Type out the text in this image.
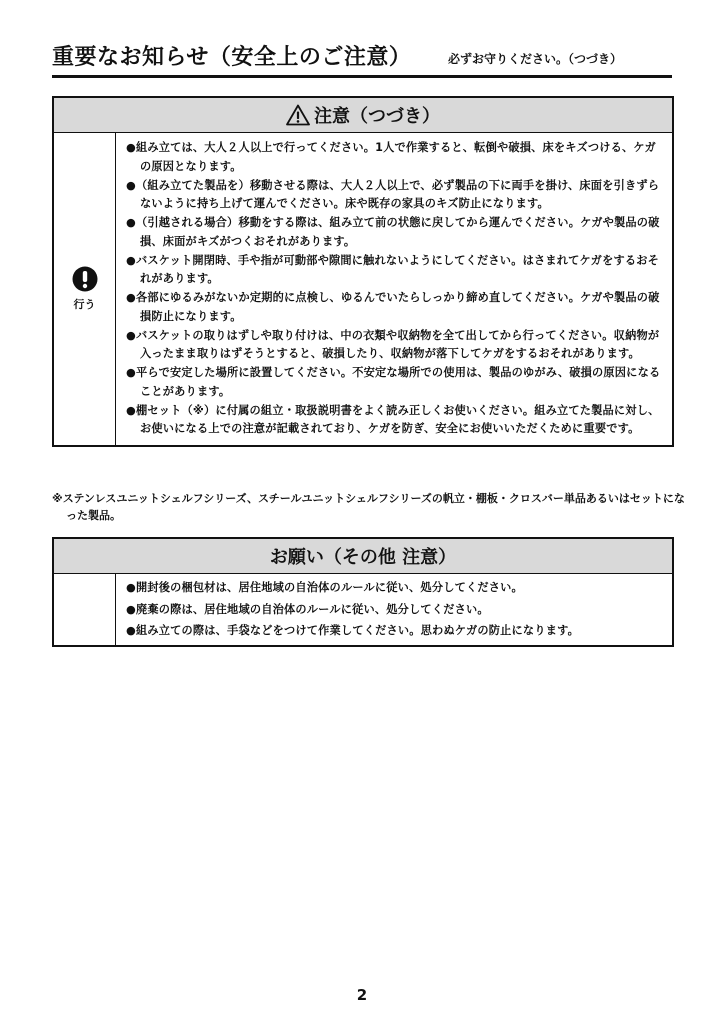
重要なお知らせ（安全上のご注意）	必ずお守りください。（つづき）
注意（つづき）
行う
●組み立ては、大人２人以上で行ってください。1人で作業すると、転倒や破損、床をキズつける、ケガの原因となります。
●（組み立てた製品を）移動させる際は、大人２人以上で、必ず製品の下に両手を掛け、床面を引きずらないように持ち上げて運んでください。床や既存の家具のキズ防止になります。
●（引越される場合）移動をする際は、組み立て前の状態に戻してから運んでください。ケガや製品の破損、床面がキズがつくおそれがあります。
●バスケット開閉時、手や指が可動部や隙間に触れないようにしてください。はさまれてケガをするおそれがあります。
●各部にゆるみがないか定期的に点検し、ゆるんでいたらしっかり締め直してください。ケガや製品の破損防止になります。
●バスケットの取りはずしや取り付けは、中の衣類や収納物を全て出してから行ってください。収納物が入ったまま取りはずそうとすると、破損したり、収納物が落下してケガをするおそれがあります。
●平らで安定した場所に設置してください。不安定な場所での使用は、製品のゆがみ、破損の原因になることがあります。
●棚セット（※）に付属の組立・取扱説明書をよく読み正しくお使いください。組み立てた製品に対し、お使いになる上での注意が記載されており、ケガを防ぎ、安全にお使いいただくために重要です。
※ステンレスユニットシェルフシリーズ、スチールユニットシェルフシリーズの帆立・棚板・クロスバー単品あるいはセットになった製品。
お願い（その他 注意）
●開封後の梱包材は、居住地域の自治体のルールに従い、処分してください。
●廃棄の際は、居住地域の自治体のルールに従い、処分してください。
●組み立ての際は、手袋などをつけて作業してください。思わぬケガの防止になります。
2
